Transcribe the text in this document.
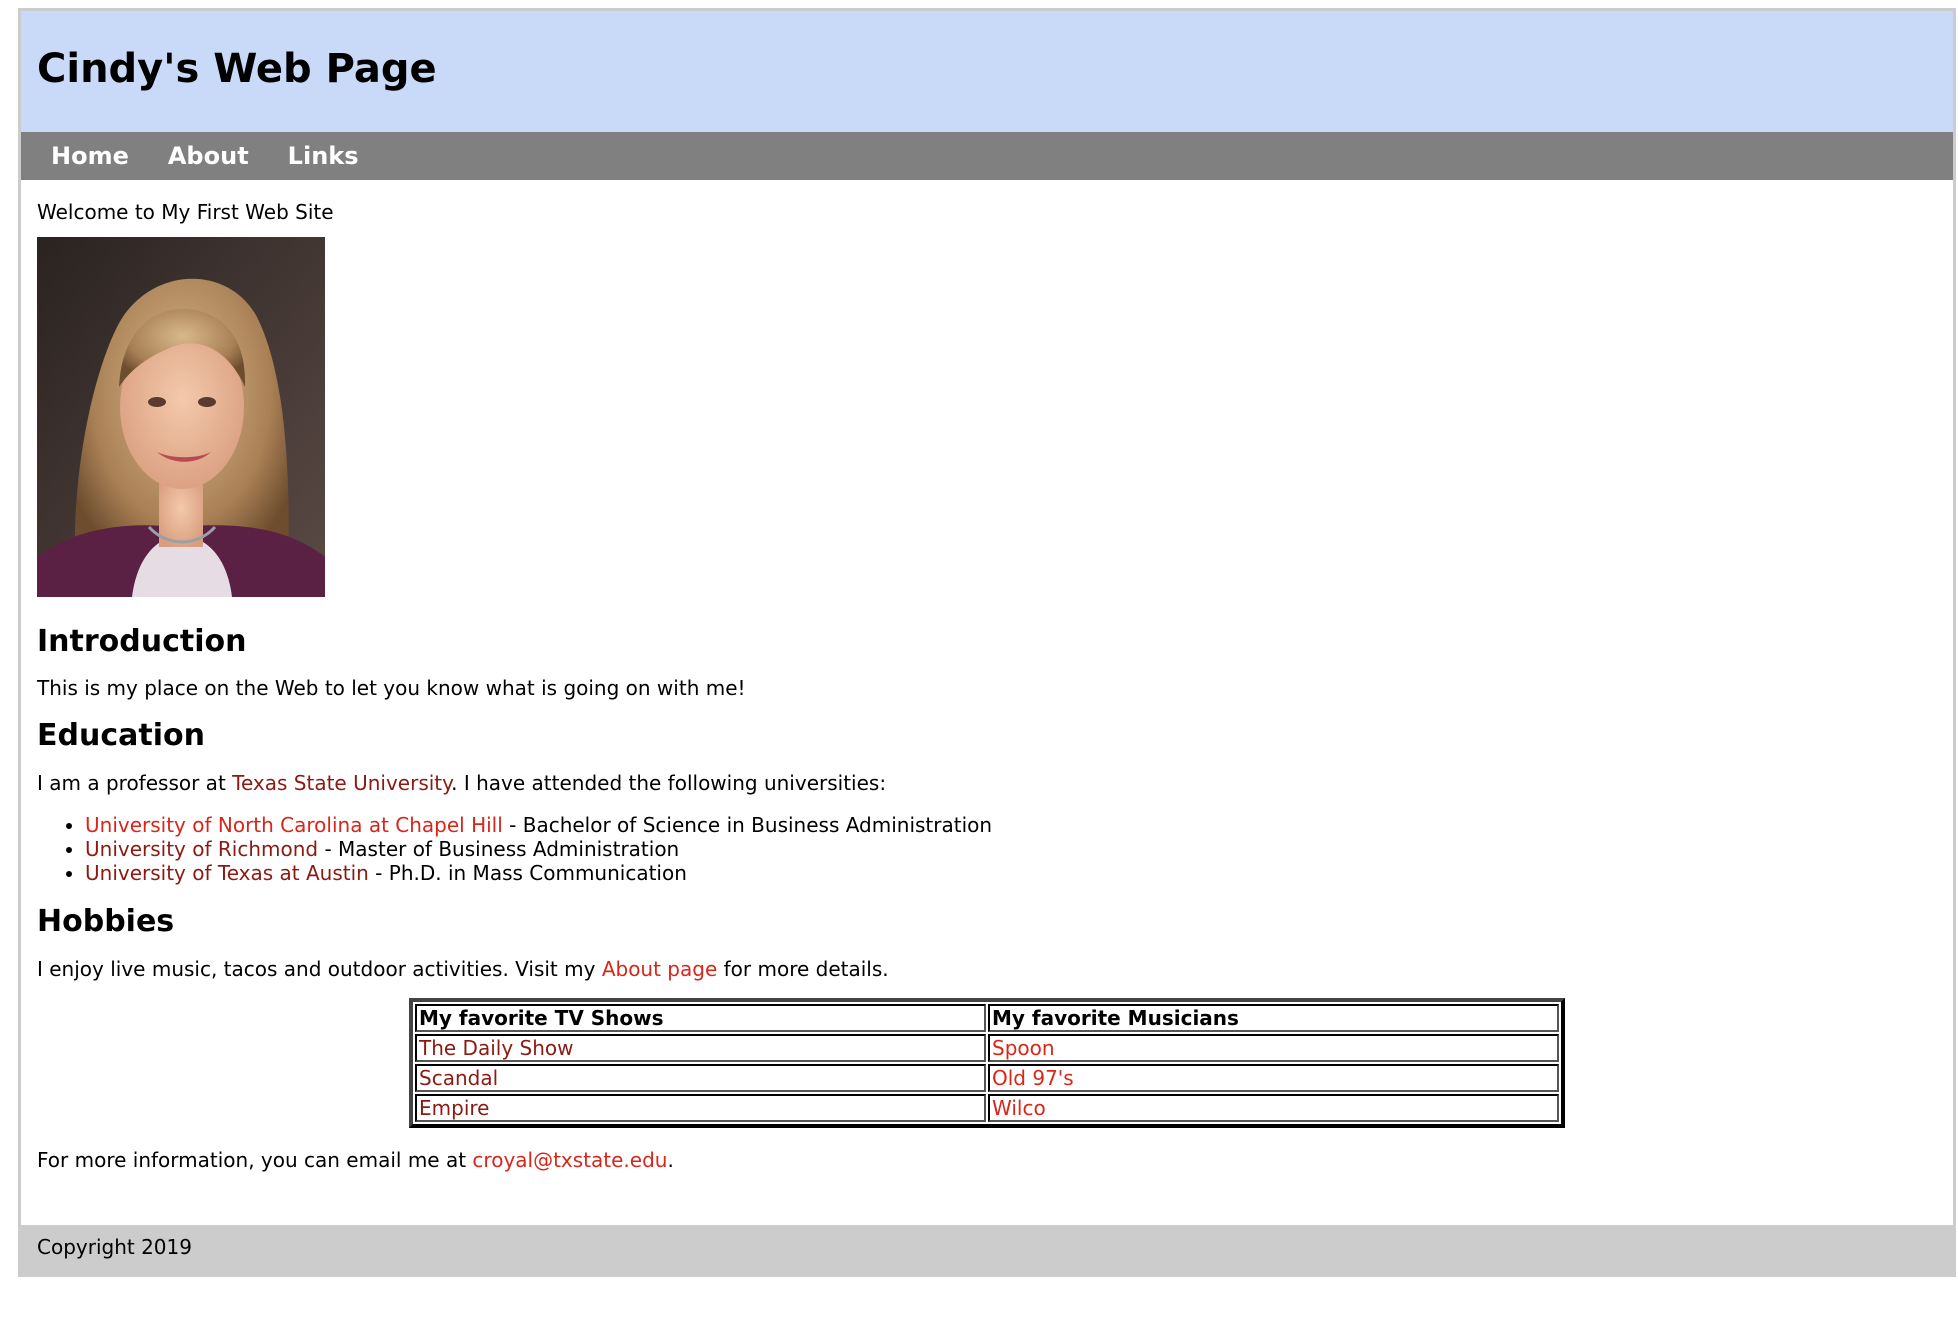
Cindy's Web Page
Home About Links

Welcome to My First Web Site

Introduction

This is my place on the Web to let you know what is going on with me!

Education

I am a professor at Texas State University. I have attended the following universities:

• University of North Carolina at Chapel Hill - Bachelor of Science in Business Administration
• University of Richmond - Master of Business Administration
• University of Texas at Austin - Ph.D. in Mass Communication
Hobbies

I enjoy live music, tacos and outdoor activities. Visit my About page for more details.

My favorite TV Shows	My favorite Musicians
The Daily Show	Spoon
Scandal	Old 97's
Empire	Wilco

For more information, you can email me at croyal@txstate.edu.

Copyright 2019
